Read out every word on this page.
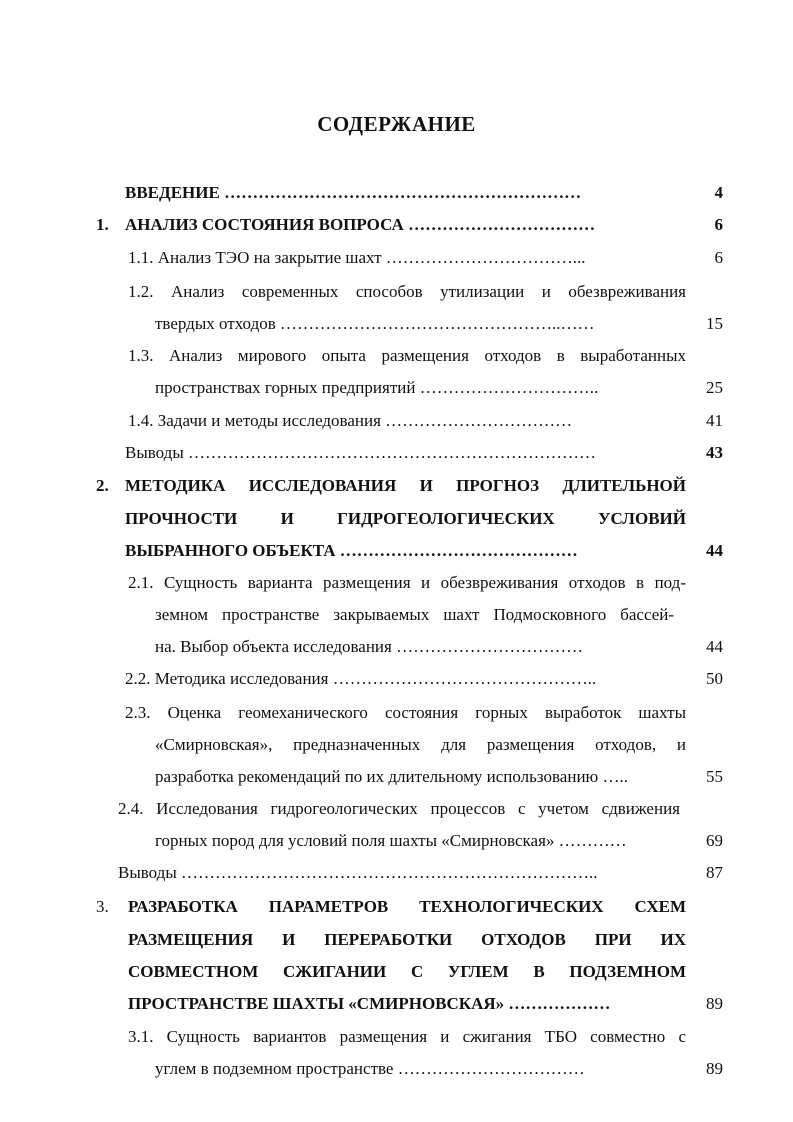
СОДЕРЖАНИЕ
ВВЕДЕНИЕ ………………………………………………………	4
1. АНАЛИЗ СОСТОЯНИЯ ВОПРОСА ……………………………	6
1.1. Анализ ТЭО на закрытие шахт ……………………………...	6
1.2. Анализ современных способов утилизации и обезвреживания
твердых отходов …………………………………………..……	15
1.3. Анализ мирового опыта размещения отходов в выработанных
пространствах горных предприятий …………………………..	25
1.4. Задачи и методы исследования ……………………………	41
Выводы ………………………………………………………………	43
2. МЕТОДИКА ИССЛЕДОВАНИЯ И ПРОГНОЗ ДЛИТЕЛЬНОЙ
ПРОЧНОСТИ И ГИДРОГЕОЛОГИЧЕСКИХ УСЛОВИЙ
ВЫБРАННОГО ОБЪЕКТА ……………………………………	44
2.1. Сущность варианта размещения и обезвреживания отходов в под-
земном пространстве закрываемых шахт Подмосковного бассей-
на. Выбор объекта исследования ……………………………	44
2.2. Методика исследования ………………………………………..	50
2.3. Оценка геомеханического состояния горных выработок шахты
«Смирновская», предназначенных для размещения отходов, и
разработка рекомендаций по их длительному использованию …..	55
2.4. Исследования гидрогеологических процессов с учетом сдвижения
горных пород для условий поля шахты «Смирновская» …………	69
Выводы ………………………………………………………………..	87
3. РАЗРАБОТКА ПАРАМЕТРОВ ТЕХНОЛОГИЧЕСКИХ СХЕМ
РАЗМЕЩЕНИЯ И ПЕРЕРАБОТКИ ОТХОДОВ ПРИ ИХ
СОВМЕСТНОМ СЖИГАНИИ С УГЛЕМ В ПОДЗЕМНОМ
ПРОСТРАНСТВЕ ШАХТЫ «СМИРНОВСКАЯ» ………………	89
3.1. Сущность вариантов размещения и сжигания ТБО совместно с
углем в подземном пространстве ……………………………	89
